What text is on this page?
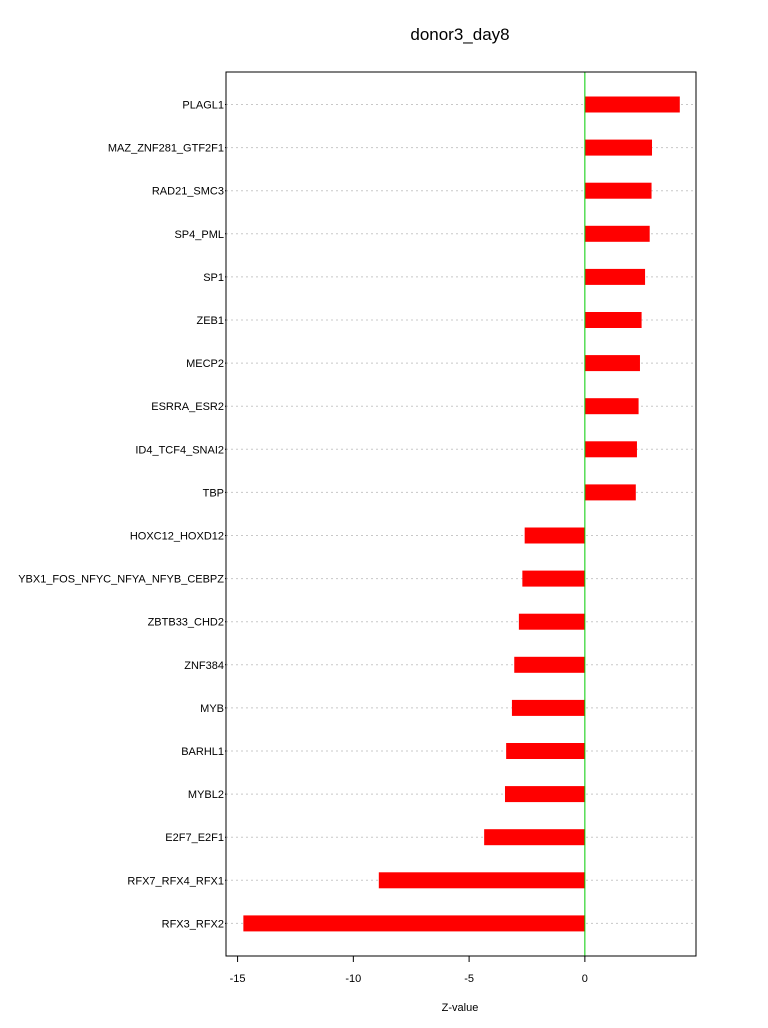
donor3_day8
PLAGL1
MAZ_ZNF281_GTF2F1
RAD21_SMC3
SP4_PML
SP1
ZEB1
MECP2
ESRRA_ESR2
ID4_TCF4_SNAI2
TBP
HOXC12_HOXD12
YBX1_FOS_NFYC_NFYA_NFYB_CEBPZ
ZBTB33_CHD2
ZNF384
MYB
BARHL1
MYBL2
E2F7_E2F1
RFX7_RFX4_RFX1
RFX3_RFX2
-15	-10	-5	0
Z-value
